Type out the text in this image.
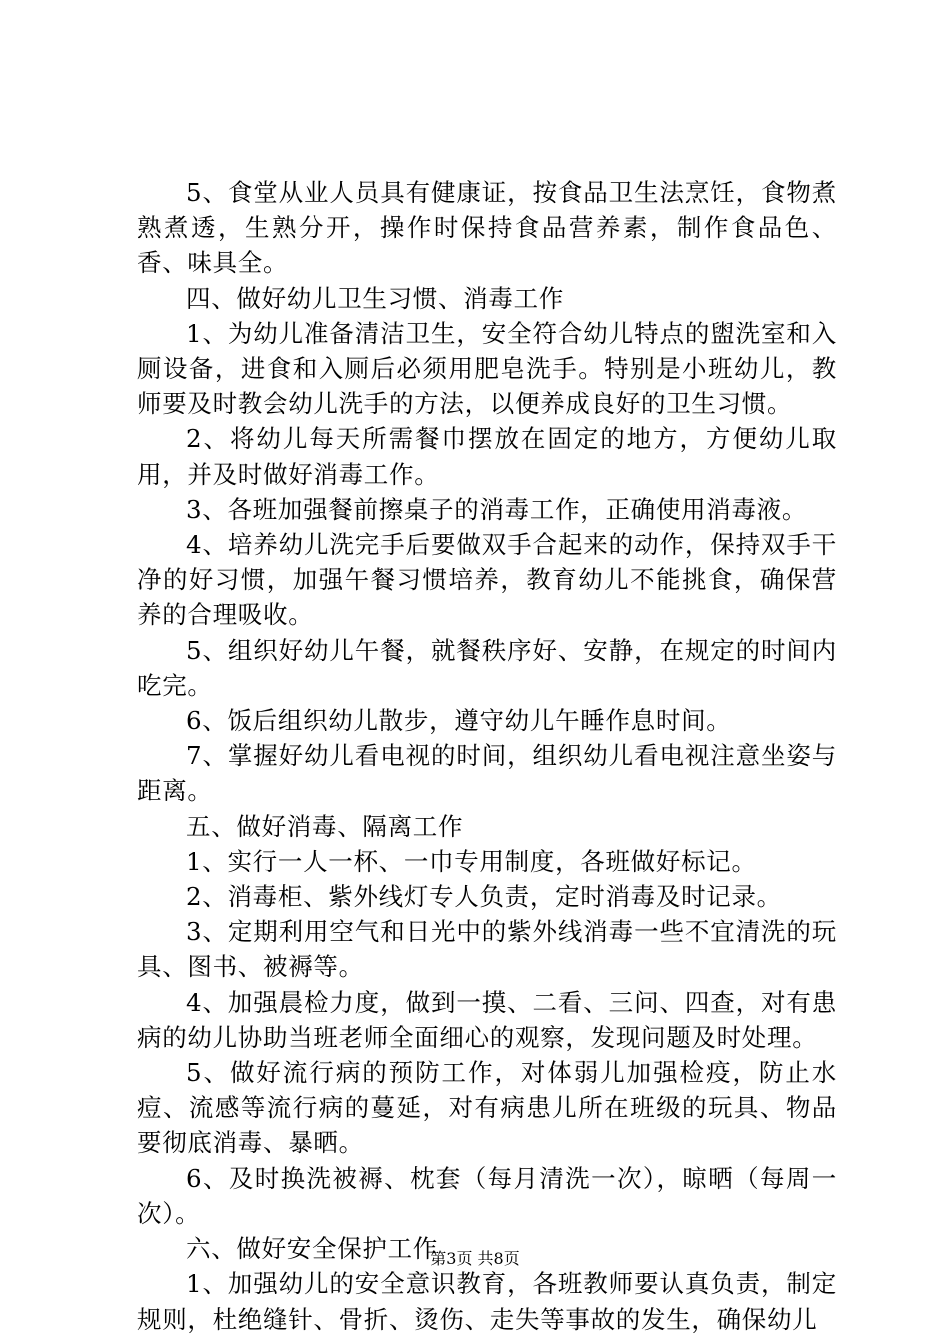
5、食堂从业人员具有健康证，按食品卫生法烹饪，食物煮熟煮透，生熟分开，操作时保持食品营养素，制作食品色、香、味具全。

四、做好幼儿卫生习惯、消毒工作

1、为幼儿准备清洁卫生，安全符合幼儿特点的盥洗室和入厕设备，进食和入厕后必须用肥皂洗手。特别是小班幼儿，教师要及时教会幼儿洗手的方法，以便养成良好的卫生习惯。

2、将幼儿每天所需餐巾摆放在固定的地方，方便幼儿取用，并及时做好消毒工作。

3、各班加强餐前擦桌子的消毒工作，正确使用消毒液。

4、培养幼儿洗完手后要做双手合起来的动作，保持双手干净的好习惯，加强午餐习惯培养，教育幼儿不能挑食，确保营养的合理吸收。

5、组织好幼儿午餐，就餐秩序好、安静，在规定的时间内吃完。

6、饭后组织幼儿散步，遵守幼儿午睡作息时间。

7、掌握好幼儿看电视的时间，组织幼儿看电视注意坐姿与距离。

五、做好消毒、隔离工作

1、实行一人一杯、一巾专用制度，各班做好标记。

2、消毒柜、紫外线灯专人负责，定时消毒及时记录。

3、定期利用空气和日光中的紫外线消毒一些不宜清洗的玩具、图书、被褥等。

4、加强晨检力度，做到一摸、二看、三问、四查，对有患病的幼儿协助当班老师全面细心的观察，发现问题及时处理。

5、做好流行病的预防工作，对体弱儿加强检疫，防止水痘、流感等流行病的蔓延，对有病患儿所在班级的玩具、物品要彻底消毒、暴晒。

6、及时换洗被褥、枕套（每月清洗一次），晾晒（每周一次）。

六、做好安全保护工作

1、加强幼儿的安全意识教育，各班教师要认真负责，制定规则，杜绝缝针、骨折、烫伤、走失等事故的发生，确保幼儿

第3页 共8页
